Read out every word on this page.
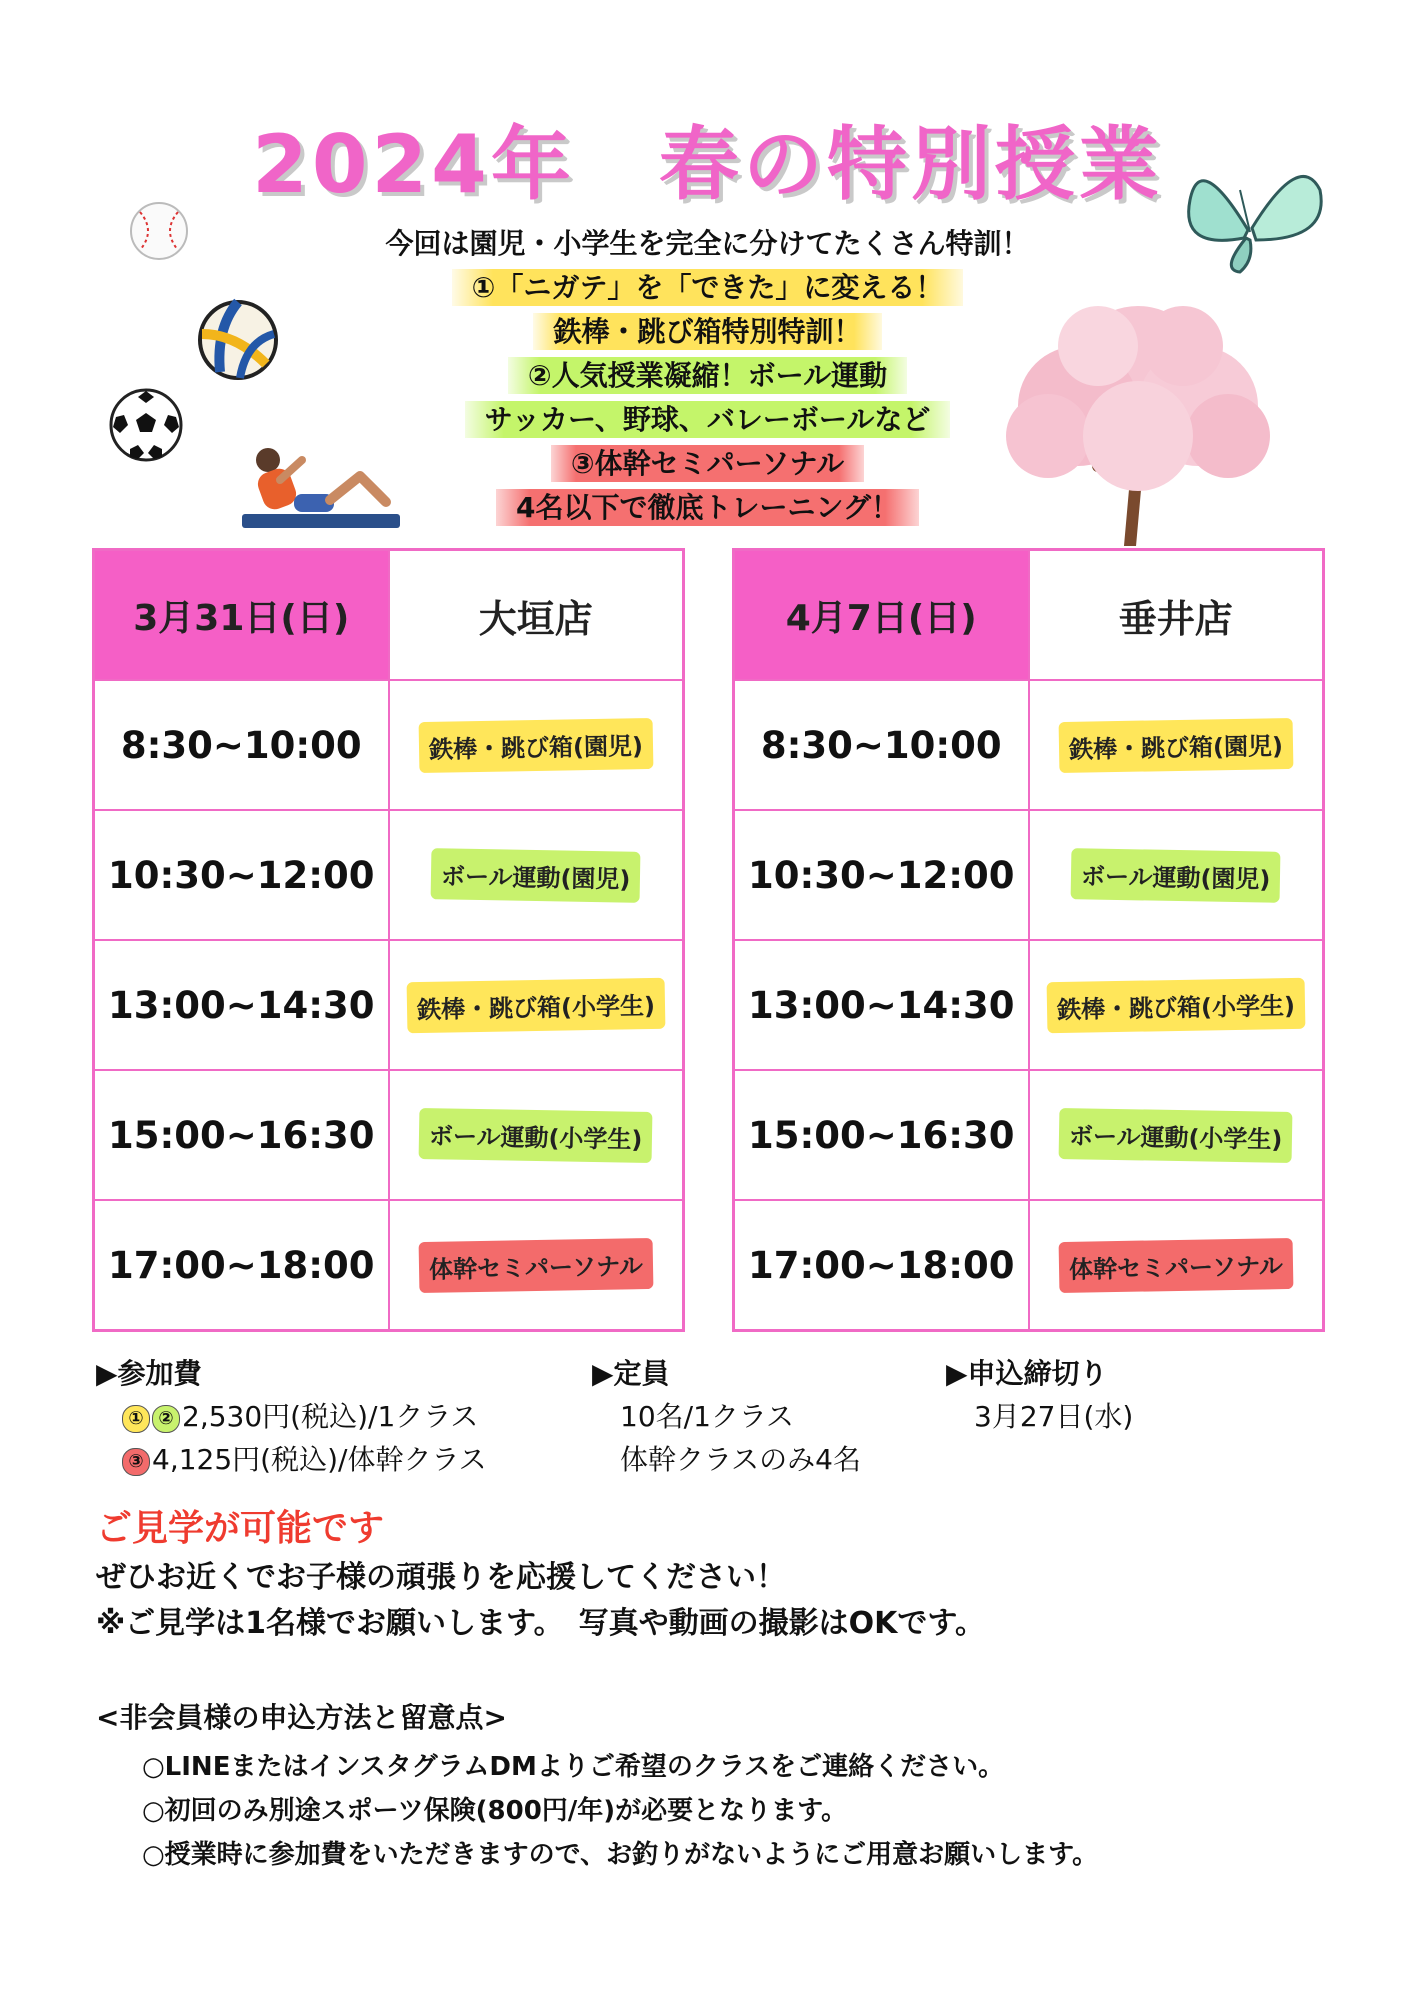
2024年　春の特別授業
今回は園児・小学生を完全に分けてたくさん特訓！
①「ニガテ」を「できた」に変える！
鉄棒・跳び箱特別特訓！
②人気授業凝縮！ボール運動
サッカー、野球、バレーボールなど
③体幹セミパーソナル
4名以下で徹底トレーニング！
3月31日(日)	大垣店
8:30~10:00	鉄棒・跳び箱(園児)
10:30~12:00	ボール運動(園児)
13:00~14:30	鉄棒・跳び箱(小学生)
15:00~16:30	ボール運動(小学生)
17:00~18:00	体幹セミパーソナル
4月7日(日)	垂井店
8:30~10:00	鉄棒・跳び箱(園児)
10:30~12:00	ボール運動(園児)
13:00~14:30	鉄棒・跳び箱(小学生)
15:00~16:30	ボール運動(小学生)
17:00~18:00	体幹セミパーソナル
▶参加費
① ② 2,530円(税込)/1クラス
③ 4,125円(税込)/体幹クラス
▶定員
10名/1クラス
体幹クラスのみ4名
▶申込締切り
3月27日(水)
ご見学が可能です
ぜひお近くでお子様の頑張りを応援してください！
※ご見学は1名様でお願いします。　写真や動画の撮影はOKです。
<非会員様の申込方法と留意点>
○LINEまたはインスタグラムDMよりご希望のクラスをご連絡ください。
○初回のみ別途スポーツ保険(800円/年)が必要となります。
○授業時に参加費をいただきますので、お釣りがないようにご用意お願いします。
